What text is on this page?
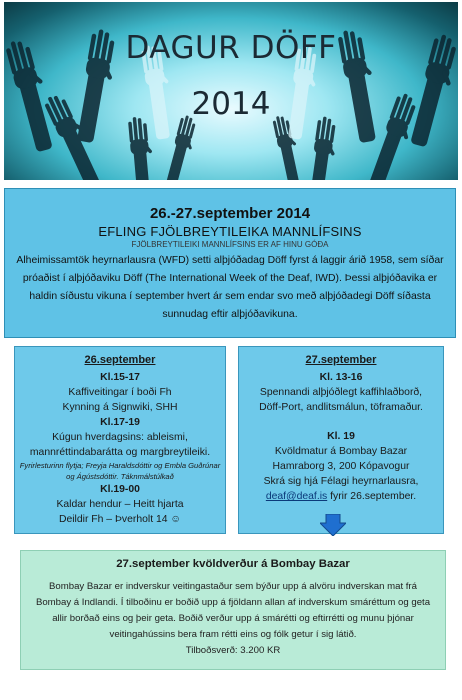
DAGUR DÖFF
2014
26.-27.september 2014
EFLING FJÖLBREYTILEIKA MANNLÍFSINS
FJÖLBREYTILEIKI MANNLÍFSINS ER AF HINU GÓÐA
Alheimissamtök heyrnarlausra (WFD) setti alþjóðadag Döff fyrst á laggir árið 1958, sem síðar próaðist í alþjóðaviku Döff (The International Week of the Deaf, IWD). Þessi alþjóðavika er haldin síðustu vikuna í september hvert ár sem endar svo með alþjóðadegi Döff síðasta sunnudag eftir alþjóðavikuna.
26.september
Kl.15-17
Kaffiveitingar í boði Fh
Kynning á Signwiki, SHH
Kl.17-19
Kúgun hverdagsins: ableismi,
mannréttindabarátta og margbreytileiki.
Fyrirlesturinn flytja; Freyja Haraldsdóttir og Embla Guðrúnar og Ágústsdóttir. Táknmálstúlkað
Kl.19-00
Kaldar hendur – Heitt hjarta
Deildir Fh – Þverholt 14 ☺
27.september
Kl. 13-16
Spennandi alþjóðlegt kaffihlaðborð,
Döff-Port, andlitsmálun, töframaður.
Kl. 19
Kvöldmatur á Bombay Bazar
Hamraborg 3, 200 Kópavogur
Skrá sig hjá Félagi heyrnarlausra,
deaf@deaf.is fyrir 26.september.
27.september kvöldverður á Bombay Bazar

Bombay Bazar er indverskur veitingastaður sem býður upp á alvöru indverskan mat frá Bombay á Indlandi. Í tilboðinu er boðið upp á fjöldann allan af indverskum smáréttum og geta allir borðað eins og þeir geta. Boðið verður upp á smárétti og eftirrétti og munu þjónar veitingahússins bera fram rétti eins og fólk getur í sig látið.

Tilboðsverð: 3.200 KR
